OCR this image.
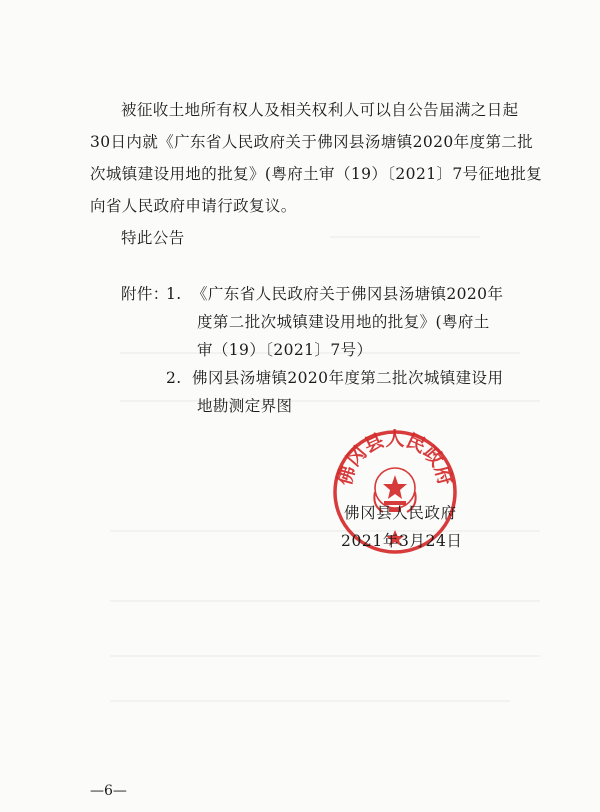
被征收土地所有权人及相关权利人可以自公告届满之日起
30日内就《广东省人民政府关于佛冈县汤塘镇2020年度第二批
次城镇建设用地的批复》(粤府土审（19）〔2021〕7号征地批复
向省人民政府申请行政复议。
特此公告
附件：
1. 《广东省人民政府关于佛冈县汤塘镇2020年
度第二批次城镇建设用地的批复》(粤府土
审（19）〔2021〕7号）
2. 佛冈县汤塘镇2020年度第二批次城镇建设用
地勘测定界图
佛冈县人民政府
佛冈县人民政府
2021年3月24日
—6—
